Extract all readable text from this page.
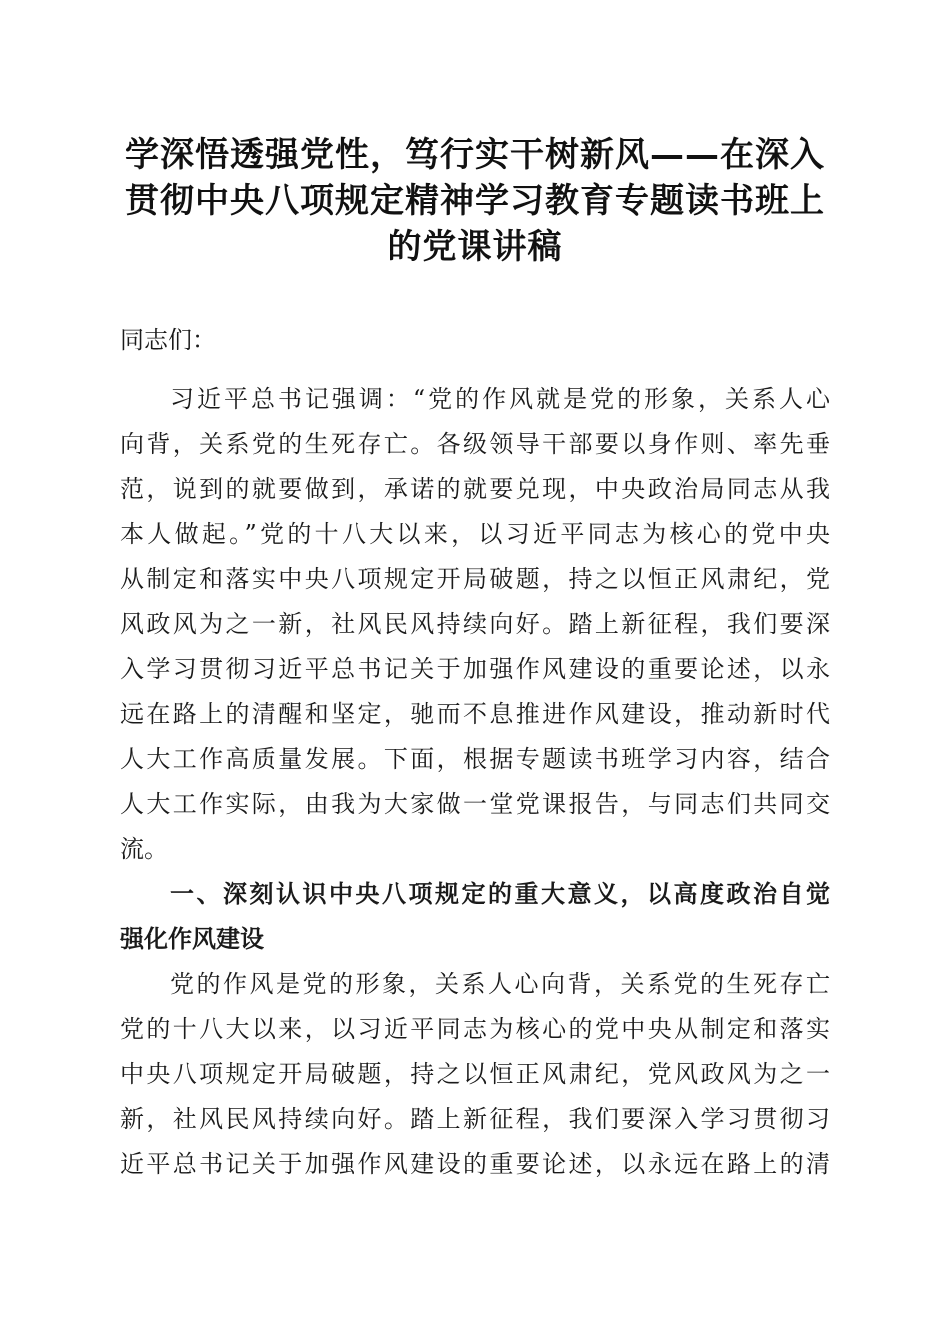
学深悟透强党性，笃行实干树新风——在深入
贯彻中央八项规定精神学习教育专题读书班上
的党课讲稿
同志们：
习近平总书记强调：“党的作风就是党的形象，关系人心
向背，关系党的生死存亡。各级领导干部要以身作则、率先垂
范，说到的就要做到，承诺的就要兑现，中央政治局同志从我
本人做起。”党的十八大以来，以习近平同志为核心的党中央
从制定和落实中央八项规定开局破题，持之以恒正风肃纪，党
风政风为之一新，社风民风持续向好。踏上新征程，我们要深
入学习贯彻习近平总书记关于加强作风建设的重要论述，以永
远在路上的清醒和坚定，驰而不息推进作风建设，推动新时代
人大工作高质量发展。下面，根据专题读书班学习内容，结合
人大工作实际，由我为大家做一堂党课报告，与同志们共同交
流。
一、深刻认识中央八项规定的重大意义，以高度政治自觉
强化作风建设
党的作风是党的形象，关系人心向背，关系党的生死存亡
党的十八大以来，以习近平同志为核心的党中央从制定和落实
中央八项规定开局破题，持之以恒正风肃纪，党风政风为之一
新，社风民风持续向好。踏上新征程，我们要深入学习贯彻习
近平总书记关于加强作风建设的重要论述，以永远在路上的清
